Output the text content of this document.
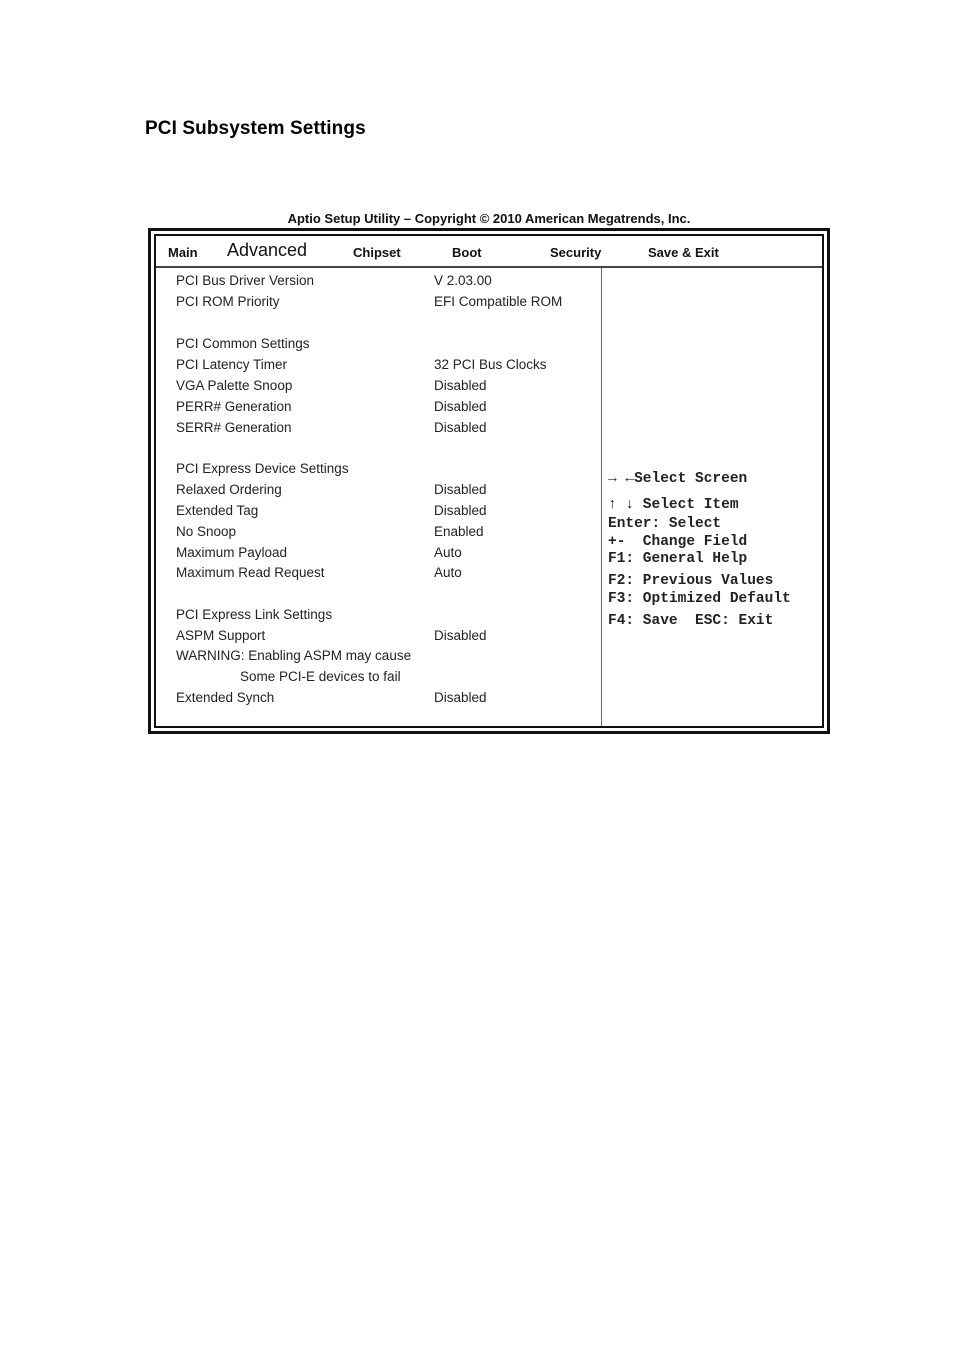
PCI Subsystem Settings
Aptio Setup Utility – Copyright © 2010 American Megatrends, Inc.
Main Advanced	Chipset	Boot	Security	Save & Exit
PCI Bus Driver Version	V 2.03.00
PCI ROM Priority	EFI Compatible ROM
PCI Common Settings
PCI Latency Timer	32 PCI Bus Clocks
VGA Palette Snoop	Disabled
PERR# Generation	Disabled
SERR# Generation	Disabled
PCI Express Device Settings
Relaxed Ordering	Disabled
Extended Tag	Disabled
No Snoop	Enabled
Maximum Payload	Auto
Maximum Read Request	Auto
PCI Express Link Settings
ASPM Support	Disabled
WARNING: Enabling ASPM may cause
Some PCI-E devices to fail
Extended Synch	Disabled
→ ←Select Screen
↑ ↓ Select Item
Enter: Select
+-  Change Field
F1: General Help
F2: Previous Values
F3: Optimized Default
F4: Save  ESC: Exit
